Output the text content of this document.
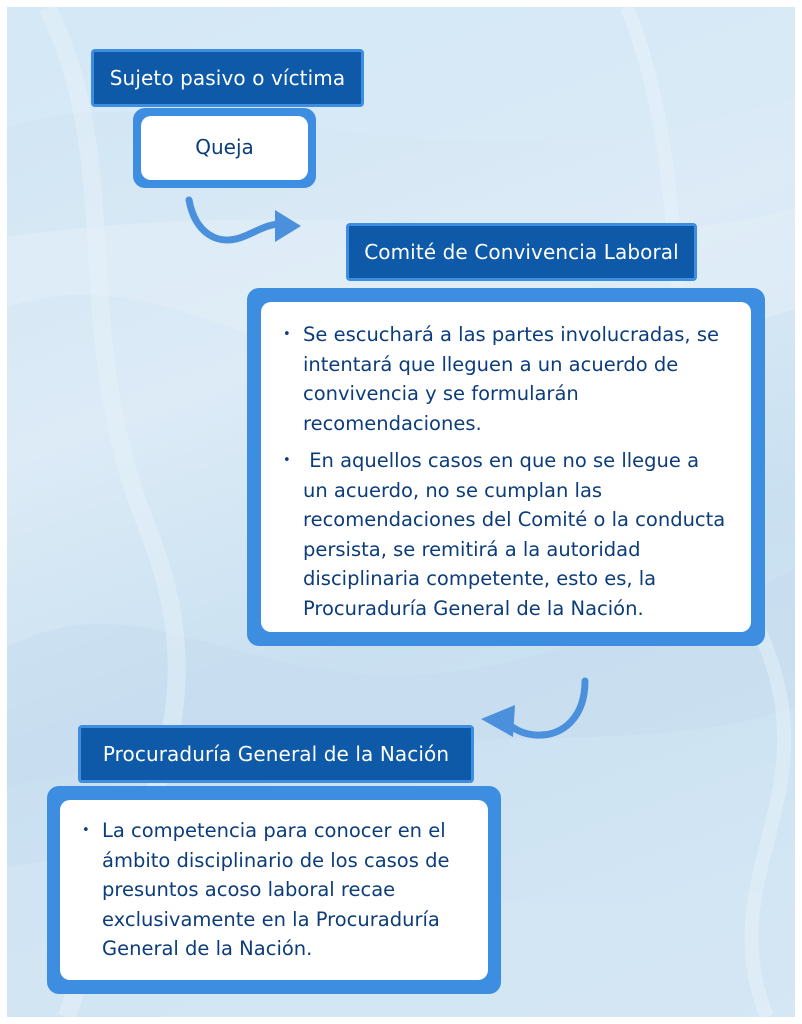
Sujeto pasivo o víctima
Queja
Comité de Convivencia Laboral
• Se escuchará a las partes involucradas, se intentará que lleguen a un acuerdo de convivencia y se formularán recomendaciones.
•  En aquellos casos en que no se llegue a un acuerdo, no se cumplan las recomendaciones del Comité o la conducta persista, se remitirá a la autoridad disciplinaria competente, esto es, la Procuraduría General de la Nación.
Procuraduría General de la Nación
• La competencia para conocer en el ámbito disciplinario de los casos de presuntos acoso laboral recae exclusivamente en la Procuraduría General de la Nación.
